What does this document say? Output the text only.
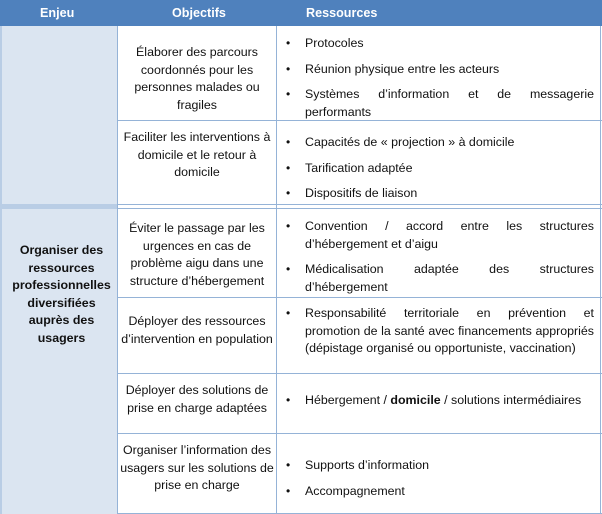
Enjeu	Objectifs	Ressources
Organiser des ressources professionnelles diversifiées auprès des usagers
Élaborer des parcours coordonnés pour les personnes malades ou fragiles
• Protocoles
• Réunion physique entre les acteurs
• Systèmes d’information et de messagerie performants
Faciliter les interventions à domicile et le retour à domicile
• Capacités de « projection » à domicile
• Tarification adaptée
• Dispositifs de liaison
Éviter le passage par les urgences en cas de problème aigu dans une structure d’hébergement
• Convention / accord entre les structures d’hébergement et d’aigu
• Médicalisation adaptée des structures d’hébergement
Déployer des ressources d’intervention en population
• Responsabilité territoriale en prévention et promotion de la santé avec financements appropriés (dépistage organisé ou opportuniste, vaccination)
Déployer des solutions de prise en charge adaptées
• Hébergement / domicile / solutions intermédiaires
Organiser l’information des usagers sur les solutions de prise en charge
• Supports d’information
• Accompagnement
